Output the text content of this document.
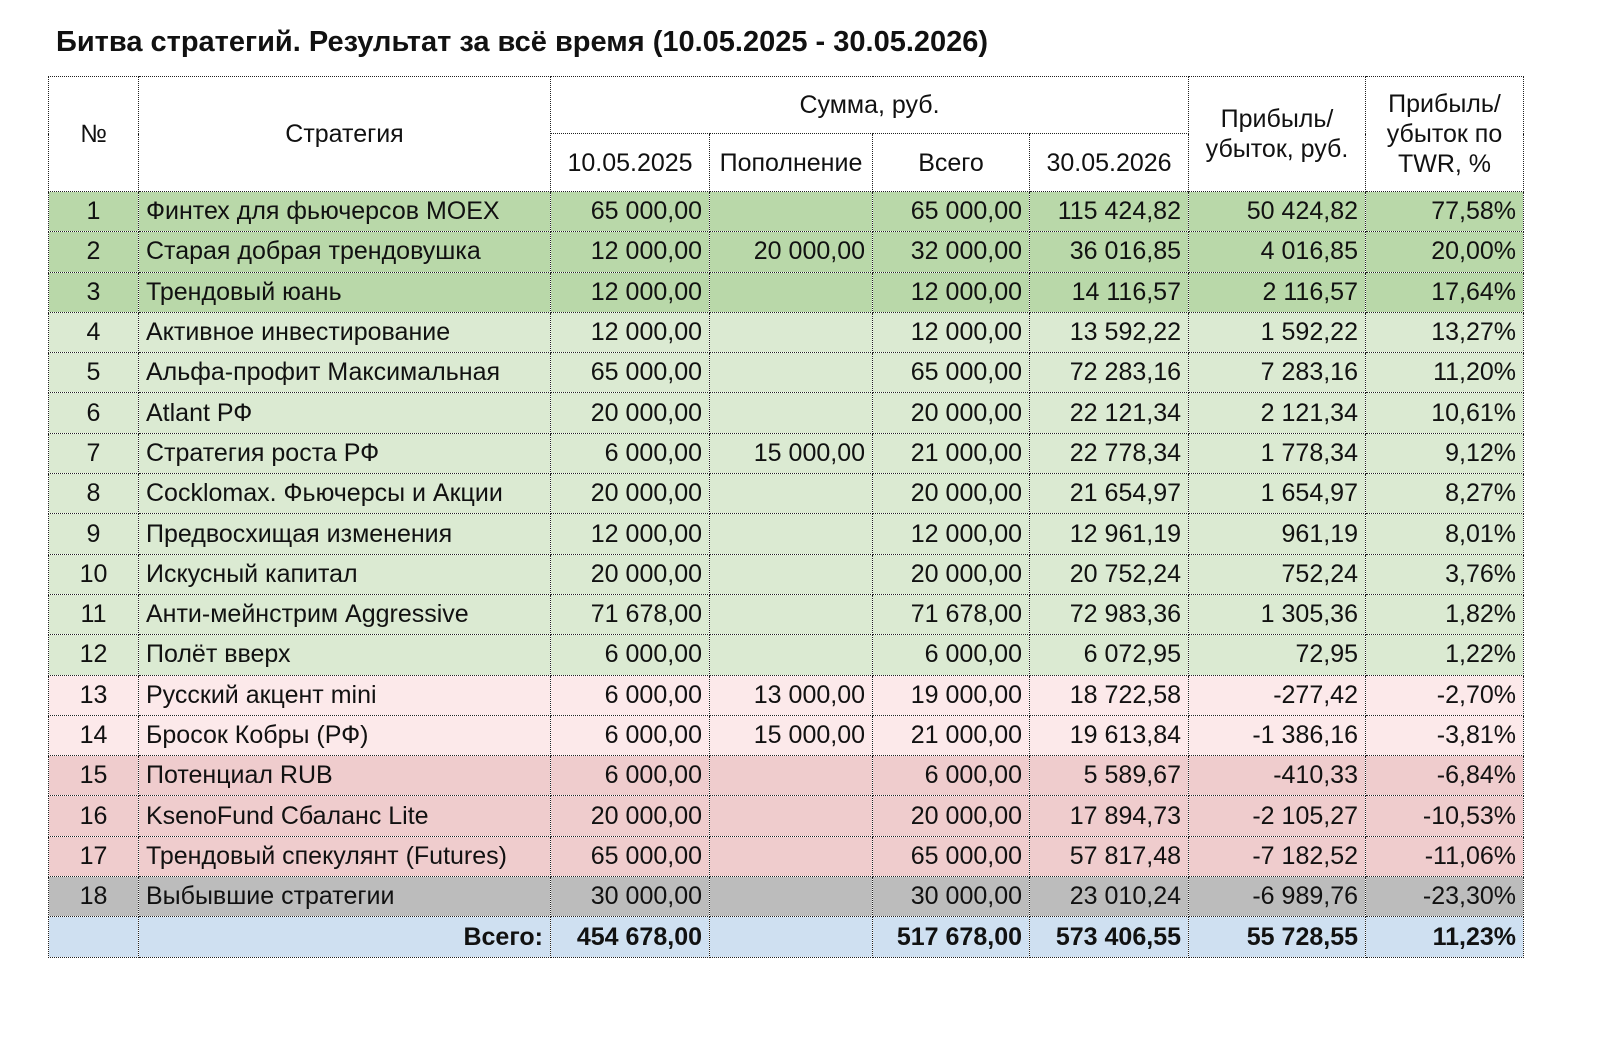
Битва стратегий. Результат за всё время (10.05.2025 - 30.05.2026)
№	Стратегия	Сумма, руб.				Прибыль/ убыток, руб.	Прибыль/ убыток по TWR, %
		10.05.2025	Пополнение	Всего	30.05.2026		
1	Финтех для фьючерсов MOEX	65 000,00		65 000,00	115 424,82	50 424,82	77,58%
2	Старая добрая трендовушка	12 000,00	20 000,00	32 000,00	36 016,85	4 016,85	20,00%
3	Трендовый юань	12 000,00		12 000,00	14 116,57	2 116,57	17,64%
4	Активное инвестирование	12 000,00		12 000,00	13 592,22	1 592,22	13,27%
5	Альфа-профит Максимальная	65 000,00		65 000,00	72 283,16	7 283,16	11,20%
6	Atlant РФ	20 000,00		20 000,00	22 121,34	2 121,34	10,61%
7	Стратегия роста РФ	6 000,00	15 000,00	21 000,00	22 778,34	1 778,34	9,12%
8	Cocklomax. Фьючерсы и Акции	20 000,00		20 000,00	21 654,97	1 654,97	8,27%
9	Предвосхищая изменения	12 000,00		12 000,00	12 961,19	961,19	8,01%
10	Искусный капитал	20 000,00		20 000,00	20 752,24	752,24	3,76%
11	Анти-мейнстрим Aggressive	71 678,00		71 678,00	72 983,36	1 305,36	1,82%
12	Полёт вверх	6 000,00		6 000,00	6 072,95	72,95	1,22%
13	Русский акцент mini	6 000,00	13 000,00	19 000,00	18 722,58	-277,42	-2,70%
14	Бросок Кобры (РФ)	6 000,00	15 000,00	21 000,00	19 613,84	-1 386,16	-3,81%
15	Потенциал RUB	6 000,00		6 000,00	5 589,67	-410,33	-6,84%
16	KsenoFund Сбаланс Lite	20 000,00		20 000,00	17 894,73	-2 105,27	-10,53%
17	Трендовый спекулянт (Futures)	65 000,00		65 000,00	57 817,48	-7 182,52	-11,06%
18	Выбывшие стратегии	30 000,00		30 000,00	23 010,24	-6 989,76	-23,30%
	Всего:	454 678,00		517 678,00	573 406,55	55 728,55	11,23%
